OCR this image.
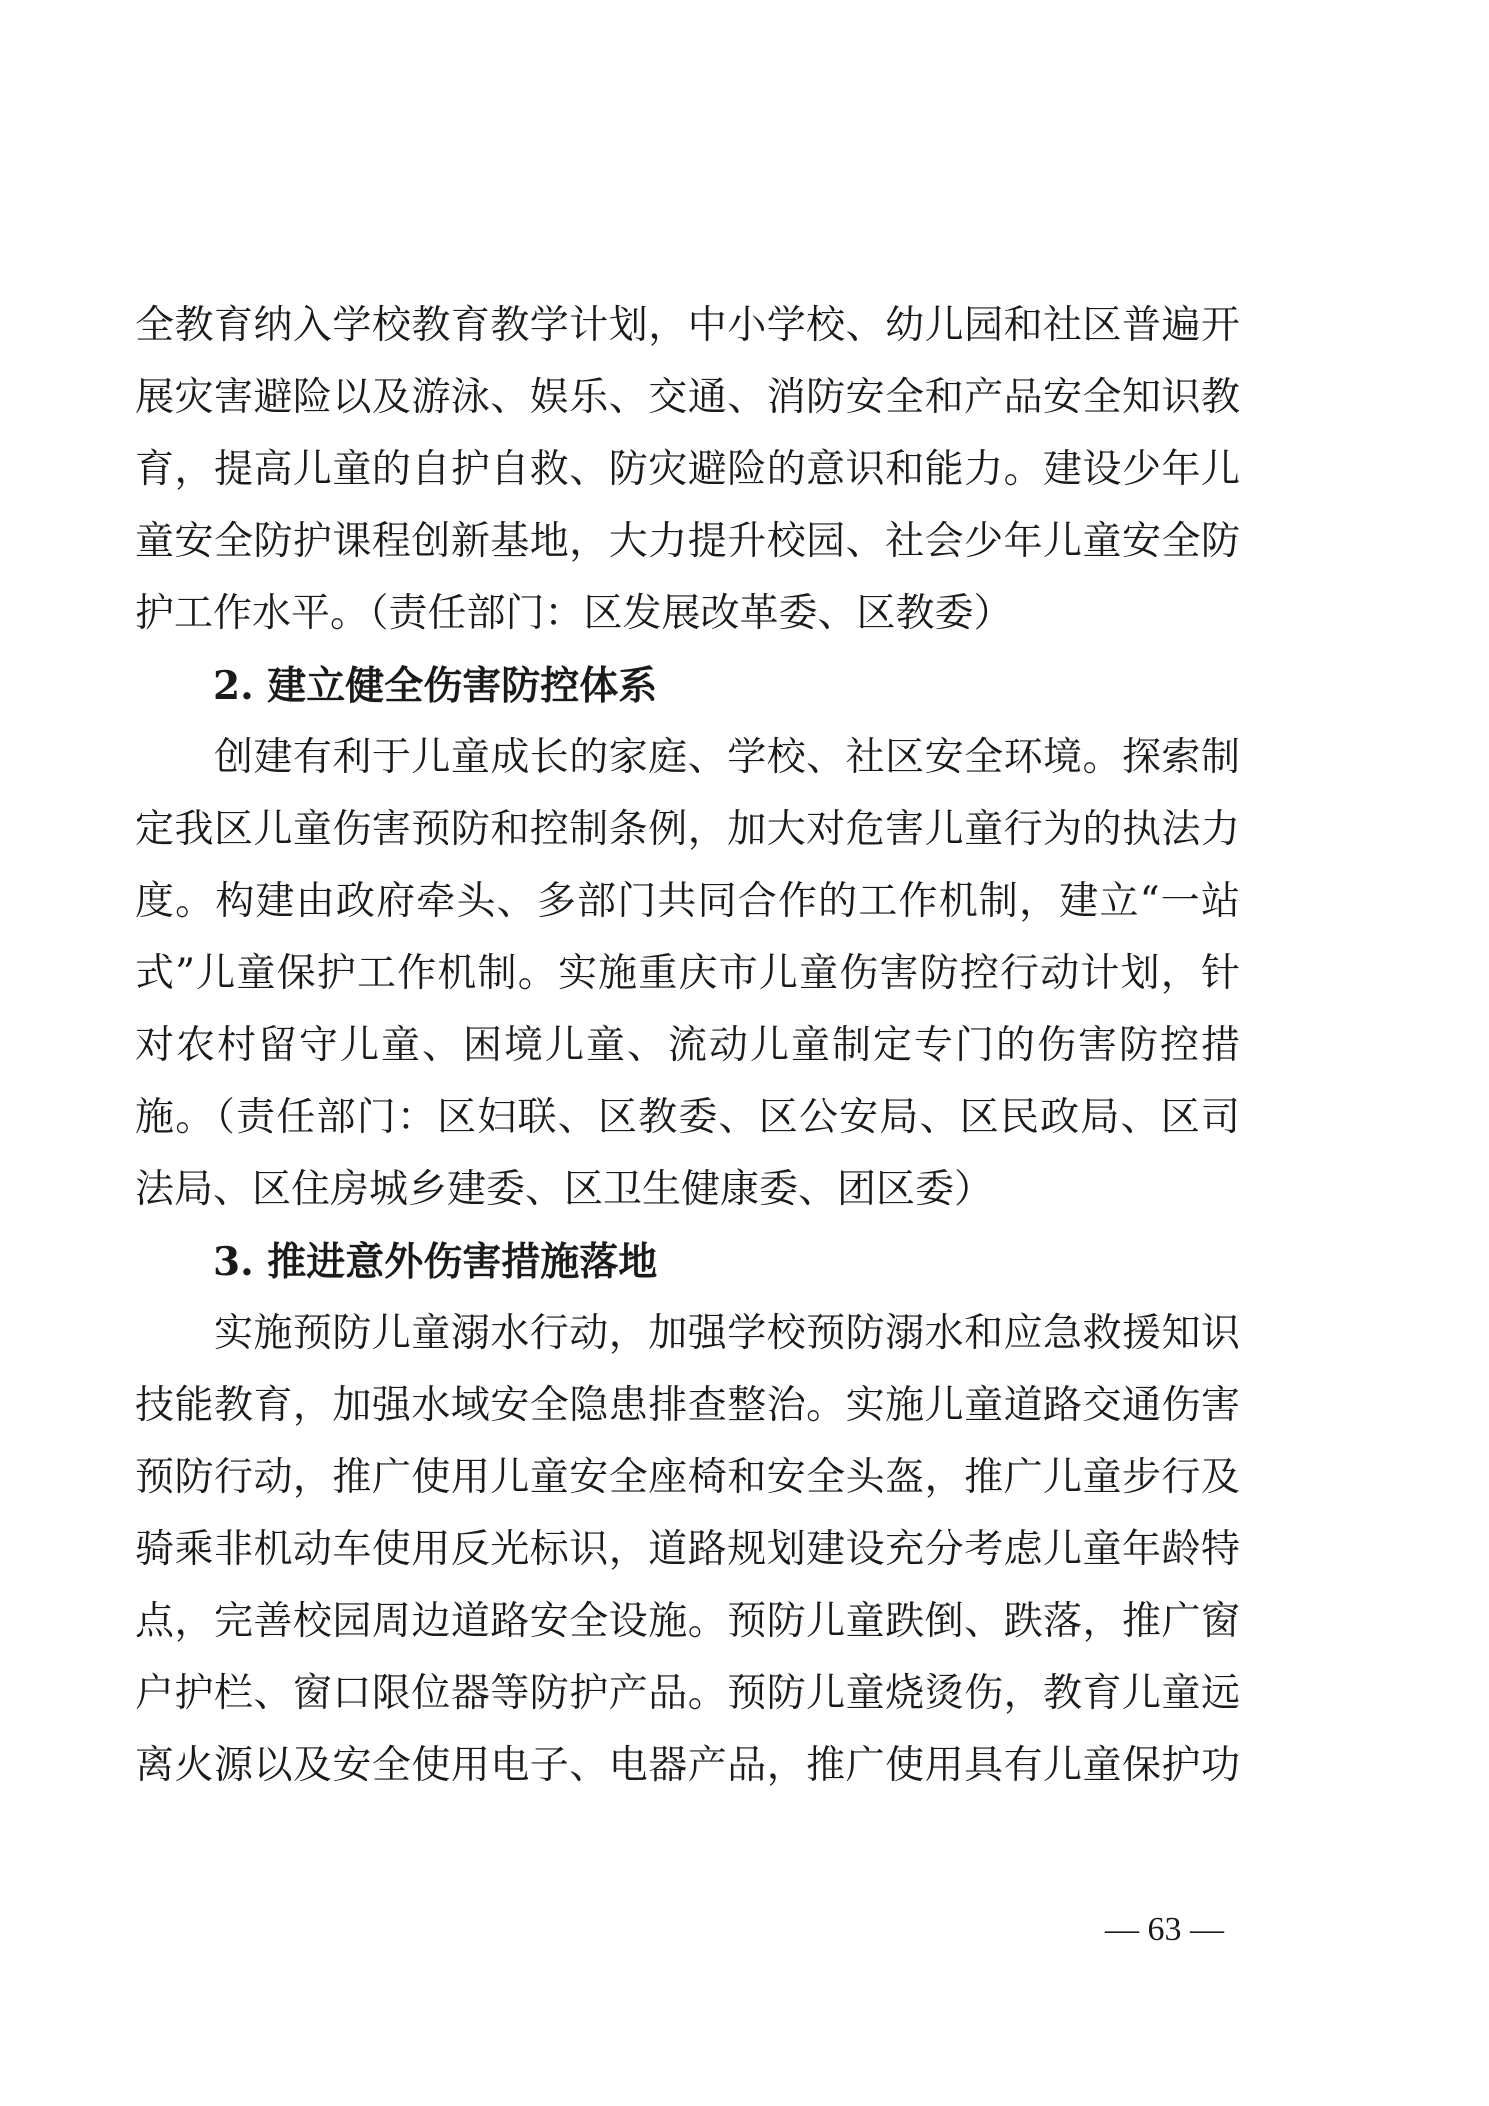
全教育纳入学校教育教学计划，中小学校、幼儿园和社区普遍开
展灾害避险以及游泳、娱乐、交通、消防安全和产品安全知识教
育，提高儿童的自护自救、防灾避险的意识和能力。建设少年儿
童安全防护课程创新基地，大力提升校园、社会少年儿童安全防
护工作水平。（责任部门：区发展改革委、区教委）
2. 建立健全伤害防控体系
　　创建有利于儿童成长的家庭、学校、社区安全环境。探索制
定我区儿童伤害预防和控制条例，加大对危害儿童行为的执法力
度。构建由政府牵头、多部门共同合作的工作机制，建立“一站
式”儿童保护工作机制。实施重庆市儿童伤害防控行动计划，针
对农村留守儿童、困境儿童、流动儿童制定专门的伤害防控措
施。（责任部门：区妇联、区教委、区公安局、区民政局、区司
法局、区住房城乡建委、区卫生健康委、团区委）
3. 推进意外伤害措施落地
　　实施预防儿童溺水行动，加强学校预防溺水和应急救援知识
技能教育，加强水域安全隐患排查整治。实施儿童道路交通伤害
预防行动，推广使用儿童安全座椅和安全头盔，推广儿童步行及
骑乘非机动车使用反光标识，道路规划建设充分考虑儿童年龄特
点，完善校园周边道路安全设施。预防儿童跌倒、跌落，推广窗
户护栏、窗口限位器等防护产品。预防儿童烧烫伤，教育儿童远
离火源以及安全使用电子、电器产品，推广使用具有儿童保护功
— 63 —
